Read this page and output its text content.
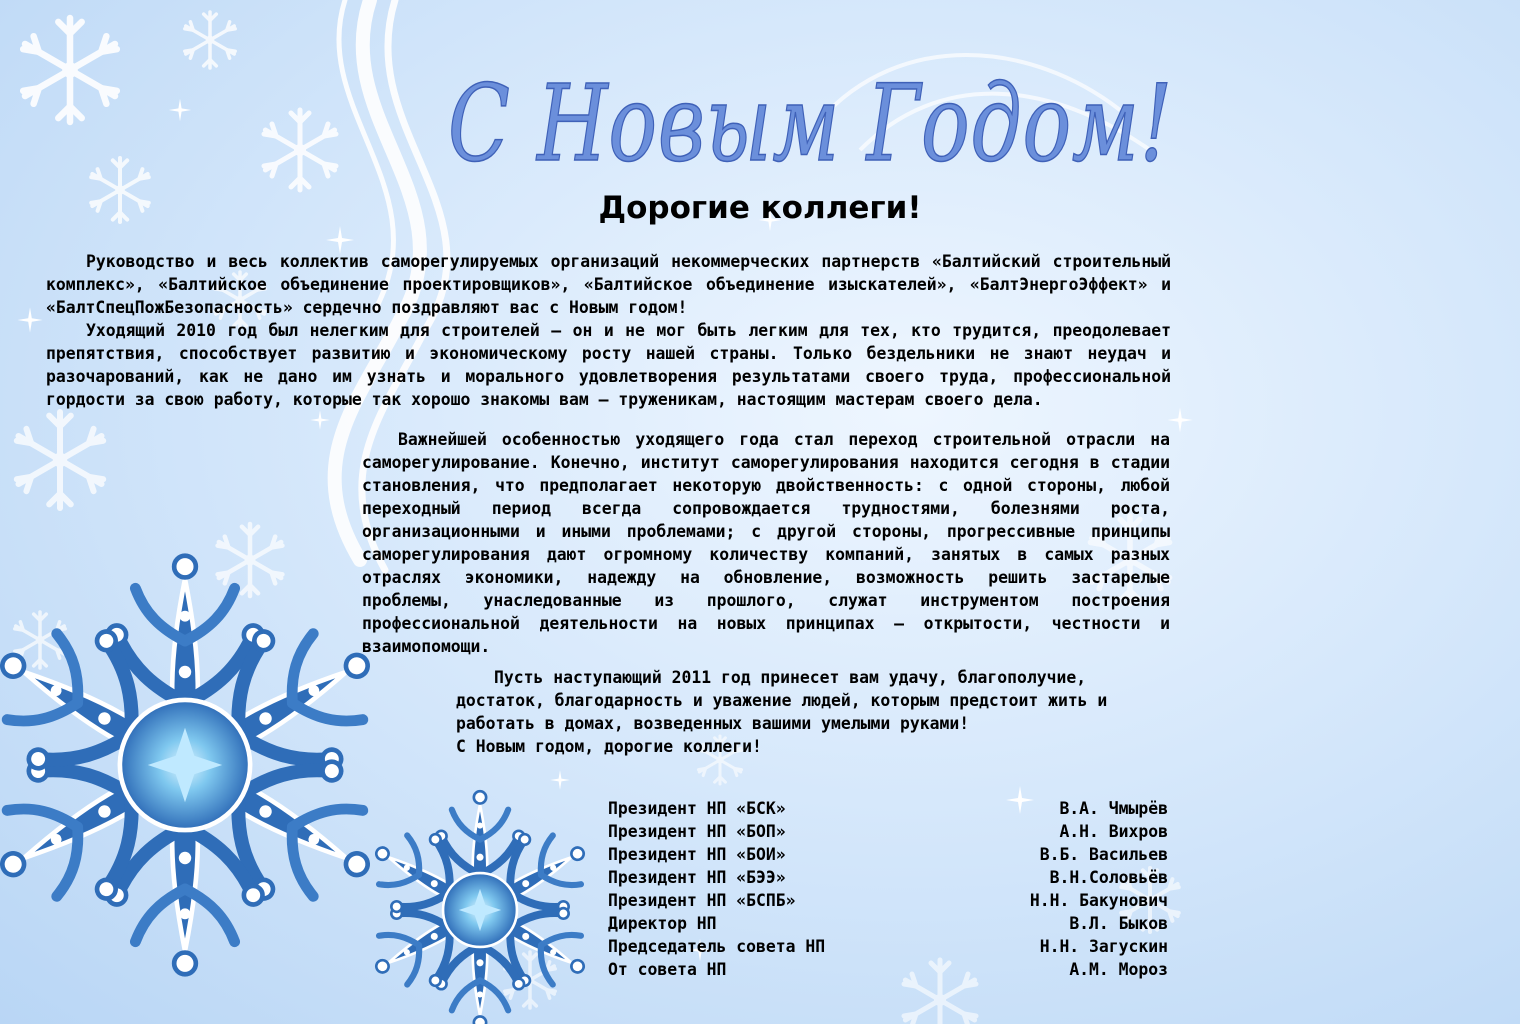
С Новым Годом!
Дорогие коллеги!

Руководство и весь коллектив саморегулируемых организаций некоммерческих партнерств «Балтийский строительный комплекс», «Балтийское объединение проектировщиков», «Балтийское объединение изыскателей», «БалтЭнергоЭффект» и «БалтСпецПожБезопасность» сердечно поздравляют вас с Новым годом!

Уходящий 2010 год был нелегким для строителей – он и не мог быть легким для тех, кто трудится, преодолевает препятствия, способствует развитию и экономическому росту нашей страны. Только бездельники не знают неудач и разочарований, как не дано им узнать и морального удовлетворения результатами своего труда, профессиональной гордости за свою работу, которые так хорошо знакомы вам – труженикам, настоящим мастерам своего дела.

Важнейшей особенностью уходящего года стал переход строительной отрасли на саморегулирование. Конечно, институт саморегулирования находится сегодня в стадии становления, что предполагает некоторую двойственность: с одной стороны, любой переходный период всегда сопровождается трудностями, болезнями роста, организационными и иными проблемами; с другой стороны, прогрессивные принципы саморегулирования дают огромному количеству компаний, занятых в самых разных отраслях экономики, надежду на обновление, возможность решить застарелые проблемы, унаследованные из прошлого, служат инструментом построения профессиональной деятельности на новых принципах – открытости, честности и взаимопомощи.

Пусть наступающий 2011 год принесет вам удачу, благополучие, достаток, благодарность и уважение людей, которым предстоит жить и работать в домах, возведенных вашими умелыми руками!

С Новым годом, дорогие коллеги!

Президент НП «БСК»	В.А. Чмырёв
Президент НП «БОП»	А.Н. Вихров
Президент НП «БОИ»	В.Б. Васильев
Президент НП «БЭЭ»	В.Н.Соловьёв
Президент НП «БСПБ»	Н.Н. Бакунович
Директор НП	В.Л. Быков
Председатель совета НП	Н.Н. Загускин
От совета НП	А.М. Мороз
